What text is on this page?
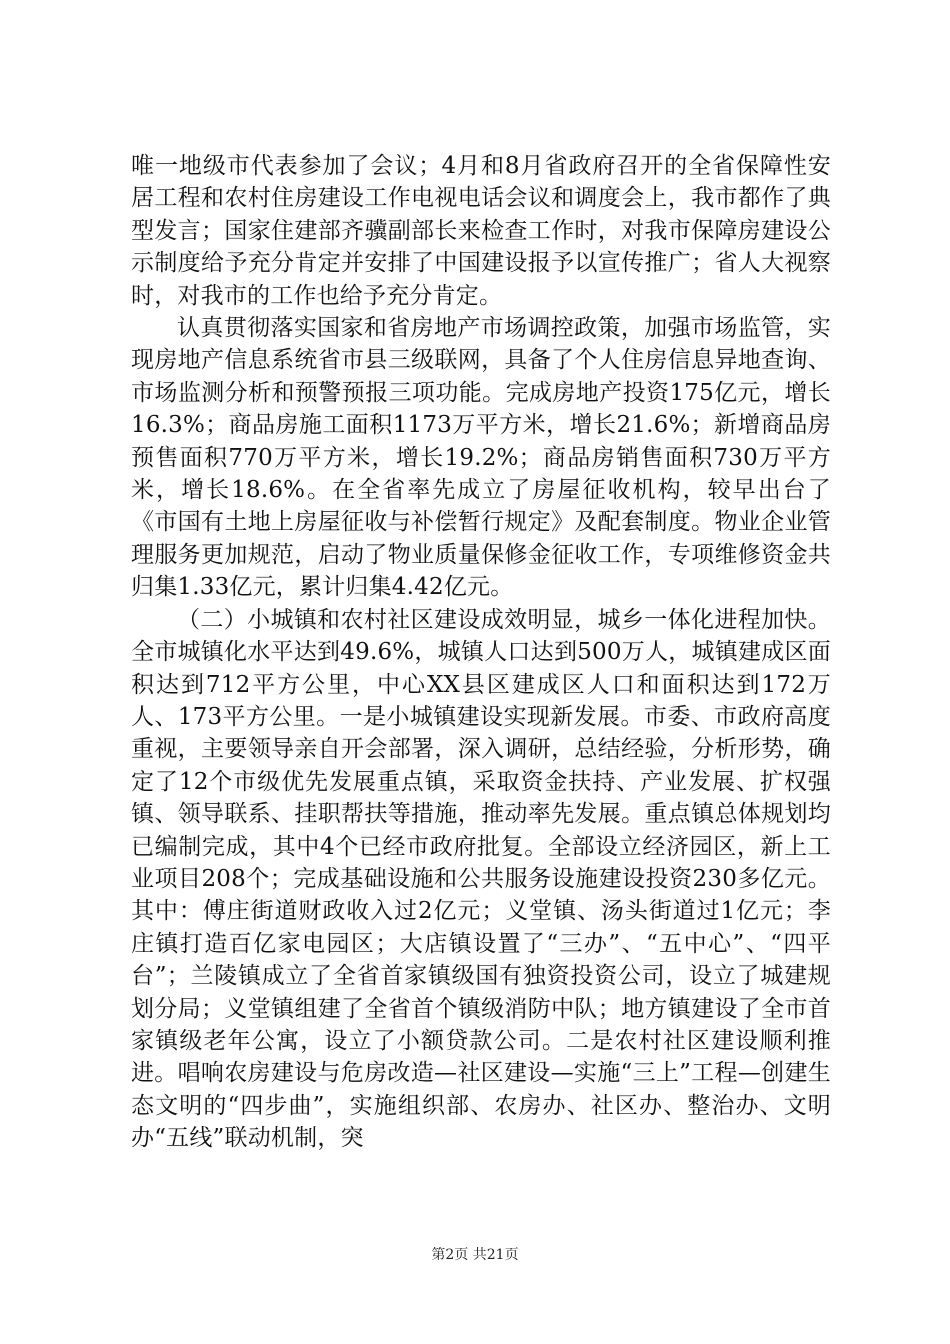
唯一地级市代表参加了会议；4月和8月省政府召开的全省保障性安居工程和农村住房建设工作电视电话会议和调度会上，我市都作了典型发言；国家住建部齐骥副部长来检查工作时，对我市保障房建设公示制度给予充分肯定并安排了中国建设报予以宣传推广；省人大视察时，对我市的工作也给予充分肯定。

认真贯彻落实国家和省房地产市场调控政策，加强市场监管，实现房地产信息系统省市县三级联网，具备了个人住房信息异地查询、市场监测分析和预警预报三项功能。完成房地产投资175亿元，增长16.3%；商品房施工面积1173万平方米，增长21.6%；新增商品房预售面积770万平方米，增长19.2%；商品房销售面积730万平方米，增长18.6%。在全省率先成立了房屋征收机构，较早出台了《市国有土地上房屋征收与补偿暂行规定》及配套制度。物业企业管理服务更加规范，启动了物业质量保修金征收工作，专项维修资金共归集1.33亿元，累计归集4.42亿元。

（二）小城镇和农村社区建设成效明显，城乡一体化进程加快。全市城镇化水平达到49.6%，城镇人口达到500万人，城镇建成区面积达到712平方公里，中心XX县区建成区人口和面积达到172万人、173平方公里。一是小城镇建设实现新发展。市委、市政府高度重视，主要领导亲自开会部署，深入调研，总结经验，分析形势，确定了12个市级优先发展重点镇，采取资金扶持、产业发展、扩权强镇、领导联系、挂职帮扶等措施，推动率先发展。重点镇总体规划均已编制完成，其中4个已经市政府批复。全部设立经济园区，新上工业项目208个；完成基础设施和公共服务设施建设投资230多亿元。其中：傅庄街道财政收入过2亿元；义堂镇、汤头街道过1亿元；李庄镇打造百亿家电园区；大店镇设置了“三办”、“五中心”、“四平台”；兰陵镇成立了全省首家镇级国有独资投资公司，设立了城建规划分局；义堂镇组建了全省首个镇级消防中队；地方镇建设了全市首家镇级老年公寓，设立了小额贷款公司。二是农村社区建设顺利推进。唱响农房建设与危房改造—社区建设—实施“三上”工程—创建生态文明的“四步曲”，实施组织部、农房办、社区办、整治办、文明办“五线”联动机制，突

第2页 共21页
